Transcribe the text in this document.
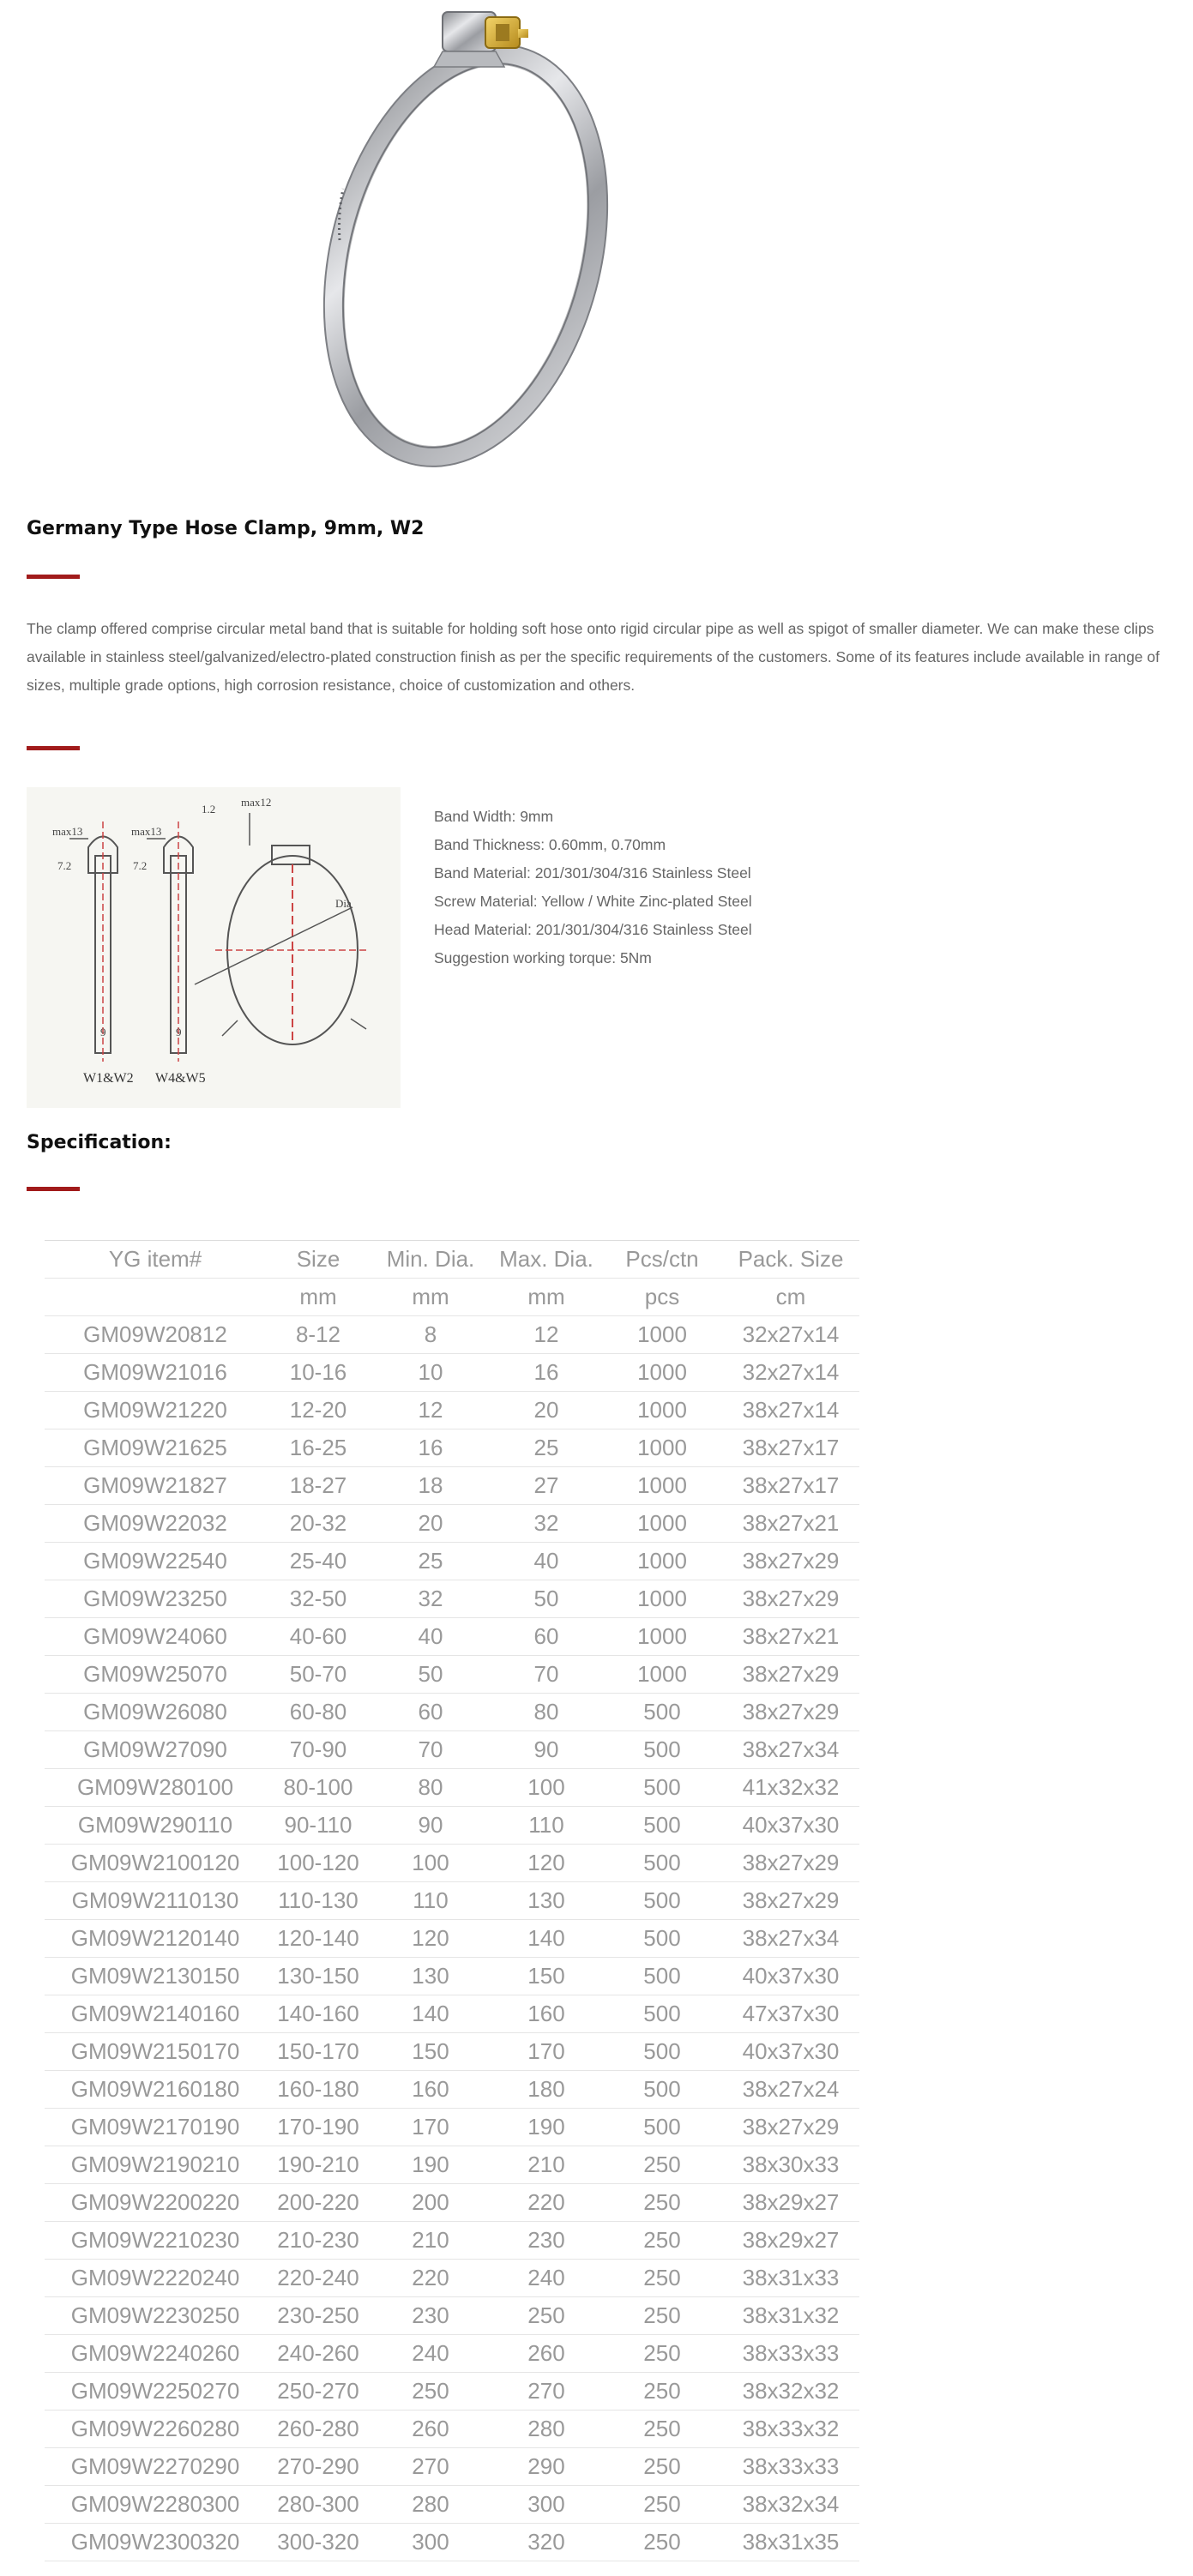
Germany Type Hose Clamp, 9mm, W2

The clamp offered comprise circular metal band that is suitable for holding soft hose onto rigid circular pipe as well as spigot of smaller diameter. We can make these clips available in stainless steel/galvanized/electro-plated construction finish as per the specific requirements of the customers. Some of its features include available in range of sizes, multiple grade options, high corrosion resistance, choice of customization and others.

max13	max13
7.2	7.2
max12
1.2
Dia
9	9
W1&W2 W4&W5
Band Width: 9mm
Band Thickness: 0.60mm, 0.70mm
Band Material: 201/301/304/316 Stainless Steel
Screw Material: Yellow / White Zinc-plated Steel
Head Material: 201/301/304/316 Stainless Steel
Suggestion working torque: 5Nm
Specification:
YG item#	Size	Min. Dia.	Max. Dia.	Pcs/ctn	Pack. Size
	mm	mm	mm	pcs	cm
GM09W20812	8-12	8	12	1000	32x27x14
GM09W21016	10-16	10	16	1000	32x27x14
GM09W21220	12-20	12	20	1000	38x27x14
GM09W21625	16-25	16	25	1000	38x27x17
GM09W21827	18-27	18	27	1000	38x27x17
GM09W22032	20-32	20	32	1000	38x27x21
GM09W22540	25-40	25	40	1000	38x27x29
GM09W23250	32-50	32	50	1000	38x27x29
GM09W24060	40-60	40	60	1000	38x27x21
GM09W25070	50-70	50	70	1000	38x27x29
GM09W26080	60-80	60	80	500	38x27x29
GM09W27090	70-90	70	90	500	38x27x34
GM09W280100	80-100	80	100	500	41x32x32
GM09W290110	90-110	90	110	500	40x37x30
GM09W2100120	100-120	100	120	500	38x27x29
GM09W2110130	110-130	110	130	500	38x27x29
GM09W2120140	120-140	120	140	500	38x27x34
GM09W2130150	130-150	130	150	500	40x37x30
GM09W2140160	140-160	140	160	500	47x37x30
GM09W2150170	150-170	150	170	500	40x37x30
GM09W2160180	160-180	160	180	500	38x27x24
GM09W2170190	170-190	170	190	500	38x27x29
GM09W2190210	190-210	190	210	250	38x30x33
GM09W2200220	200-220	200	220	250	38x29x27
GM09W2210230	210-230	210	230	250	38x29x27
GM09W2220240	220-240	220	240	250	38x31x33
GM09W2230250	230-250	230	250	250	38x31x32
GM09W2240260	240-260	240	260	250	38x33x33
GM09W2250270	250-270	250	270	250	38x32x32
GM09W2260280	260-280	260	280	250	38x33x32
GM09W2270290	270-290	270	290	250	38x33x33
GM09W2280300	280-300	280	300	250	38x32x34
GM09W2300320	300-320	300	320	250	38x31x35
